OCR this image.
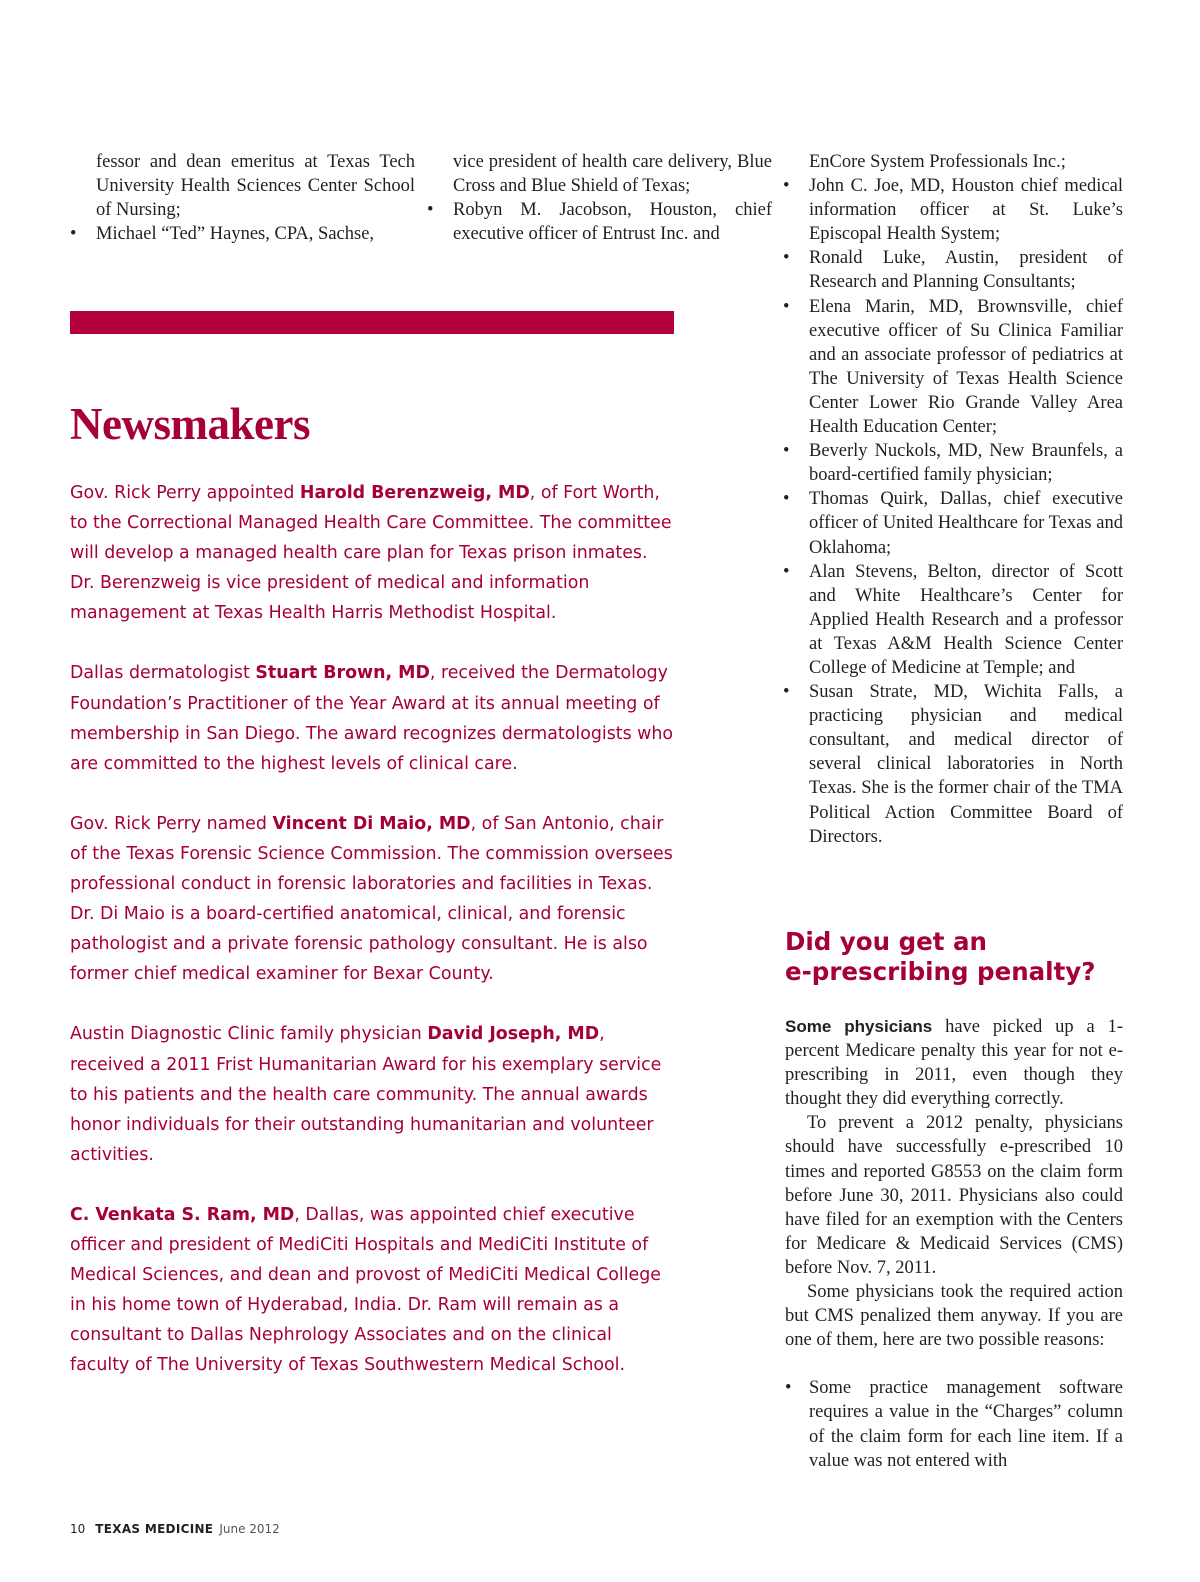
fessor and dean emeritus at Texas Tech University Health Sciences Center School of Nursing;
• Michael “Ted” Haynes, CPA, Sachse,
vice president of health care delivery, Blue Cross and Blue Shield of Texas;
• Robyn M. Jacobson, Houston, chief executive officer of Entrust Inc. and
EnCore System Professionals Inc.;
• John C. Joe, MD, Houston chief medical information officer at St. Luke’s Episcopal Health System;
• Ronald Luke, Austin, president of Research and Planning Consultants;
• Elena Marin, MD, Brownsville, chief executive officer of Su Clinica Familiar and an associate professor of pediatrics at The University of Texas Health Science Center Lower Rio Grande Valley Area Health Education Center;
• Beverly Nuckols, MD, New Braunfels, a board-certified family physician;
• Thomas Quirk, Dallas, chief executive officer of United Healthcare for Texas and Oklahoma;
• Alan Stevens, Belton, director of Scott and White Healthcare’s Center for Applied Health Research and a professor at Texas A&M Health Science Center College of Medicine at Temple; and
• Susan Strate, MD, Wichita Falls, a practicing physician and medical consultant, and medical director of several clinical laboratories in North Texas. She is the former chair of the TMA Political Action Committee Board of Directors.
Newsmakers

Gov. Rick Perry appointed Harold Berenzweig, MD, of Fort Worth, to the Correctional Managed Health Care Committee. The committee will develop a managed health care plan for Texas prison inmates. Dr. Berenzweig is vice president of medical and information management at Texas Health Harris Methodist Hospital.

Dallas dermatologist Stuart Brown, MD, received the Dermatology Foundation’s Practitioner of the Year Award at its annual meeting of membership in San Diego. The award recognizes dermatologists who are committed to the highest levels of clinical care.

Gov. Rick Perry named Vincent Di Maio, MD, of San Antonio, chair of the Texas Forensic Science Commission. The commission oversees professional conduct in forensic laboratories and facilities in Texas. Dr. Di Maio is a board-certified anatomical, clinical, and forensic pathologist and a private forensic pathology consultant. He is also former chief medical examiner for Bexar County.

Austin Diagnostic Clinic family physician David Joseph, MD, received a 2011 Frist Humanitarian Award for his exemplary service to his patients and the health care community. The annual awards honor individuals for their outstanding humanitarian and volunteer activities.

C. Venkata S. Ram, MD, Dallas, was appointed chief executive officer and president of MediCiti Hospitals and MediCiti Institute of Medical Sciences, and dean and provost of MediCiti Medical College in his home town of Hyderabad, India. Dr. Ram will remain as a consultant to Dallas Nephrology Associates and on the clinical faculty of The University of Texas Southwestern Medical School.

Did you get an
e-prescribing penalty?

Some physicians have picked up a 1-percent Medicare penalty this year for not e-prescribing in 2011, even though they thought they did everything correctly.

To prevent a 2012 penalty, physicians should have successfully e-prescribed 10 times and reported G8553 on the claim form before June 30, 2011. Physicians also could have filed for an exemption with the Centers for Medicare & Medicaid Services (CMS) before Nov. 7, 2011.

Some physicians took the required action but CMS penalized them anyway. If you are one of them, here are two possible reasons:

• Some practice management software requires a value in the “Charges” column of the claim form for each line item. If a value was not entered with
10 TEXAS MEDICINE June 2012
